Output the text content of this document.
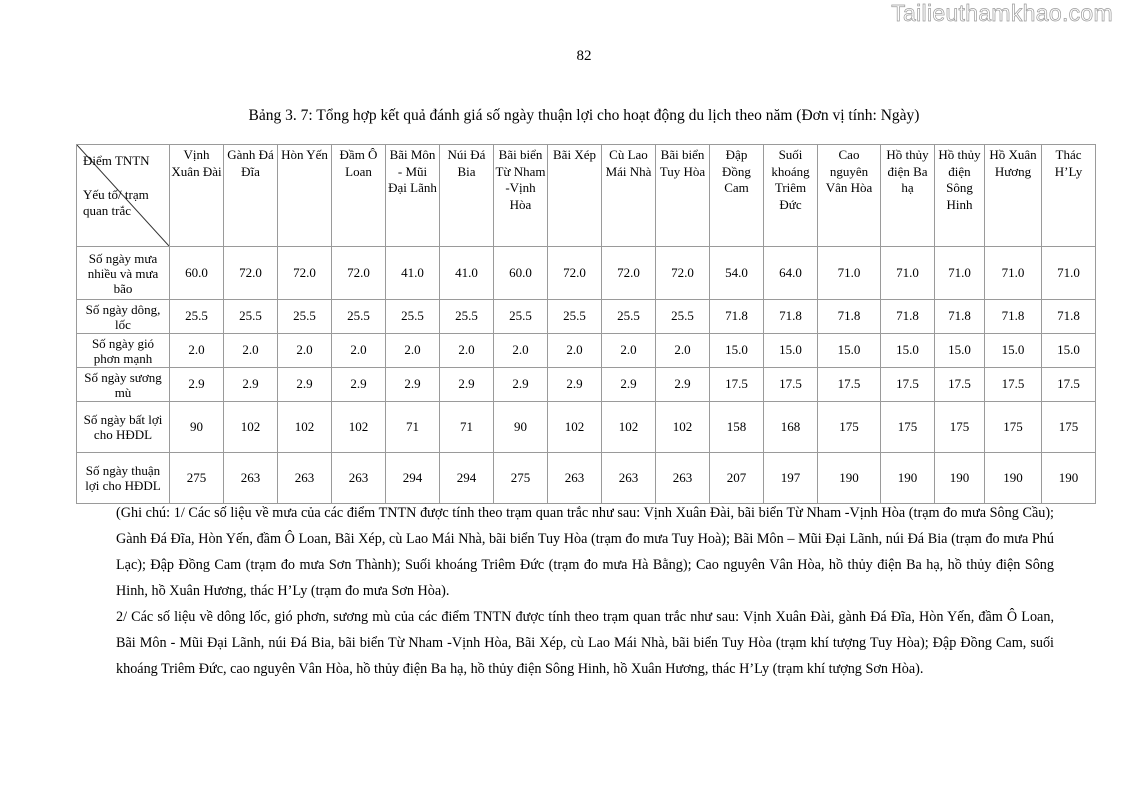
Tailieuthamkhao.com
82
Bảng 3. 7: Tổng hợp kết quả đánh giá số ngày thuận lợi cho hoạt động du lịch theo năm (Đơn vị tính: Ngày)
Điểm TNTN
Yếu tố/ trạm quan trắc	Vịnh Xuân Đài	Gành Đá Đĩa	Hòn Yến	Đầm Ô Loan	Bãi Môn - Mũi Đại Lãnh	Núi Đá Bia	Bãi biển Từ Nham -Vịnh Hòa	Bãi Xép	Cù Lao Mái Nhà	Bãi biển Tuy Hòa	Đập Đồng Cam	Suối khoáng Triêm Đức	Cao nguyên Vân Hòa	Hồ thủy điện Ba hạ	Hồ thủy điện Sông Hinh	Hồ Xuân Hương	Thác H’Ly
Số ngày mưa nhiều và mưa bão	60.0	72.0	72.0	72.0	41.0	41.0	60.0	72.0	72.0	72.0	54.0	64.0	71.0	71.0	71.0	71.0	71.0
Số ngày dông, lốc	25.5	25.5	25.5	25.5	25.5	25.5	25.5	25.5	25.5	25.5	71.8	71.8	71.8	71.8	71.8	71.8	71.8
Số ngày gió phơn mạnh	2.0	2.0	2.0	2.0	2.0	2.0	2.0	2.0	2.0	2.0	15.0	15.0	15.0	15.0	15.0	15.0	15.0
Số ngày sương mù	2.9	2.9	2.9	2.9	2.9	2.9	2.9	2.9	2.9	2.9	17.5	17.5	17.5	17.5	17.5	17.5	17.5
Số ngày bất lợi cho HĐDL	90	102	102	102	71	71	90	102	102	102	158	168	175	175	175	175	175
Số ngày thuận lợi cho HĐDL	275	263	263	263	294	294	275	263	263	263	207	197	190	190	190	190	190

(Ghi chú: 1/ Các số liệu về mưa của các điểm TNTN được tính theo trạm quan trắc như sau: Vịnh Xuân Đài, bãi biển Từ Nham -Vịnh Hòa (trạm đo mưa Sông Cầu); Gành Đá Đĩa, Hòn Yến, đầm Ô Loan, Bãi Xép, cù Lao Mái Nhà, bãi biển Tuy Hòa (trạm đo mưa Tuy Hoà); Bãi Môn – Mũi Đại Lãnh, núi Đá Bia (trạm đo mưa Phú Lạc); Đập Đồng Cam (trạm đo mưa Sơn Thành); Suối khoáng Triêm Đức (trạm đo mưa Hà Bằng); Cao nguyên Vân Hòa, hồ thủy điện Ba hạ, hồ thủy điện Sông Hinh, hồ Xuân Hương, thác H’Ly (trạm đo mưa Sơn Hòa).

2/ Các số liệu về dông lốc, gió phơn, sương mù của các điểm TNTN được tính theo trạm quan trắc như sau: Vịnh Xuân Đài, gành Đá Đĩa, Hòn Yến, đầm Ô Loan, Bãi Môn - Mũi Đại Lãnh, núi Đá Bia, bãi biển Từ Nham -Vịnh Hòa, Bãi Xép, cù Lao Mái Nhà, bãi biển Tuy Hòa (trạm khí tượng Tuy Hòa); Đập Đồng Cam, suối khoáng Triêm Đức, cao nguyên Vân Hòa, hồ thủy điện Ba hạ, hồ thủy điện Sông Hinh, hồ Xuân Hương, thác H’Ly (trạm khí tượng Sơn Hòa).
